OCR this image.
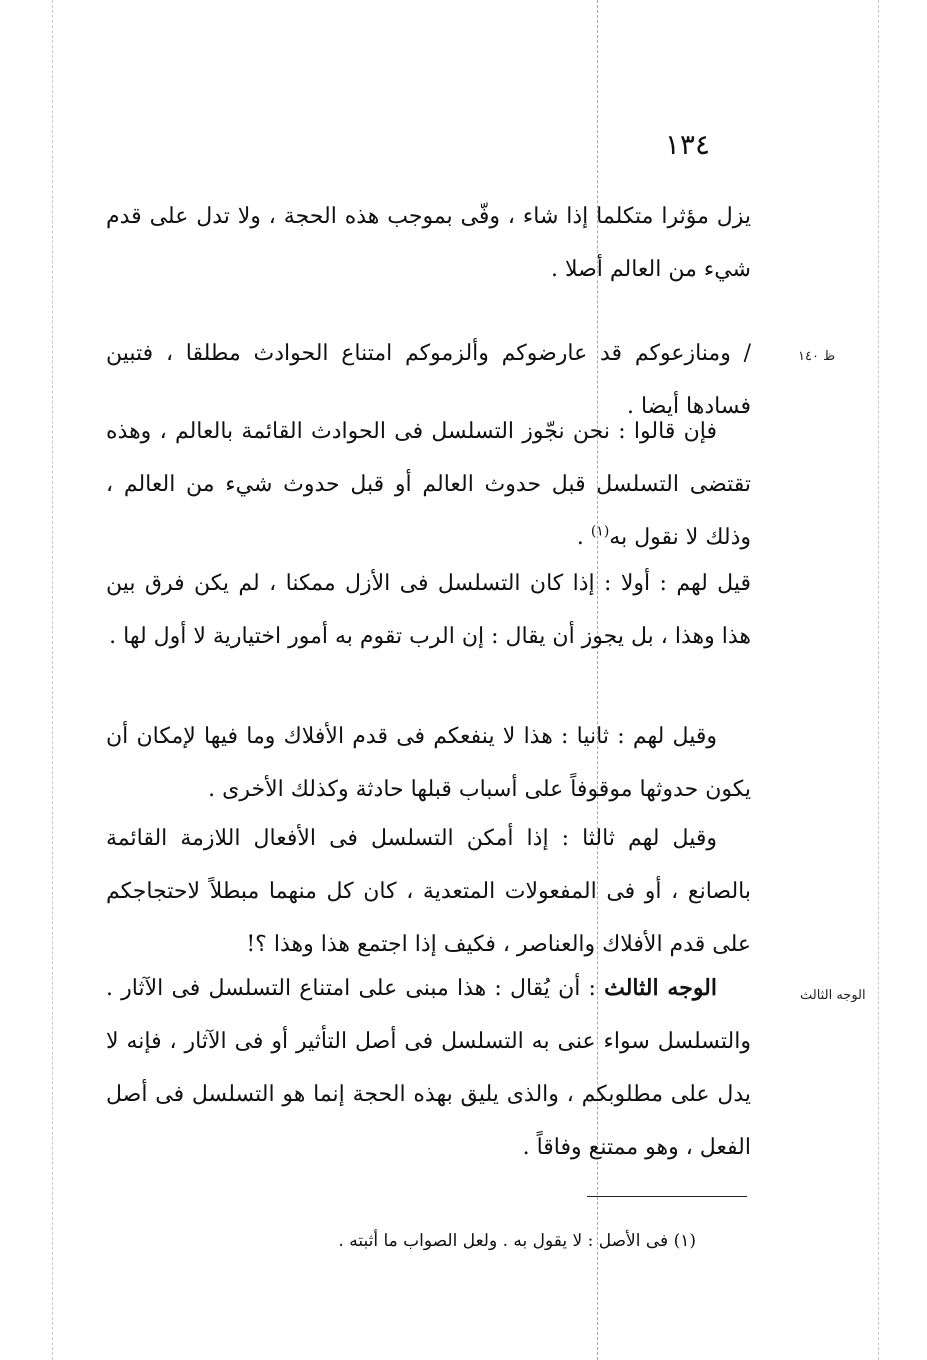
١٣٤
ظ ١٤٠
الوجه الثالث

يزل مؤثرا متكلما إذا شاء ، وفّى بموجب هذه الحجة ، ولا تدل على قدم شيء من العالم أصلا .

/ ومنازعوكم قد عارضوكم وألزموكم امتناع الحوادث مطلقا ، فتبين فسادها أيضا .

فإن قالوا : نحن نجّوز التسلسل فى الحوادث القائمة بالعالم ، وهذه تقتضى التسلسل قبل حدوث العالم أو قبل حدوث شيء من العالم ، وذلك لا نقول به$^{(١)}$ .

قيل لهم : أولا : إذا كان التسلسل فى الأزل ممكنا ، لم يكن فرق بين هذا وهذا ، بل يجوز أن يقال : إن الرب تقوم به أمور اختيارية لا أول لها .

وقيل لهم : ثانيا : هذا لا ينفعكم فى قدم الأفلاك وما فيها لإمكان أن يكون حدوثها موقوفاً على أسباب قبلها حادثة وكذلك الأخرى .

وقيل لهم ثالثا : إذا أمكن التسلسل فى الأفعال اللازمة القائمة بالصانع ، أو فى المفعولات المتعدية ، كان كل منهما مبطلاً لاحتجاجكم على قدم الأفلاك والعناصر ، فكيف إذا اجتمع هذا وهذا ؟!

الوجه الثالث : أن يُقال : هذا مبنى على امتناع التسلسل فى الآثار . والتسلسل سواء عنى به التسلسل فى أصل التأثير أو فى الآثار ، فإنه لا يدل على مطلوبكم ، والذى يليق بهذه الحجة إنما هو التسلسل فى أصل الفعل ، وهو ممتنع وفاقاً .

(١) فى الأصل : لا يقول به . ولعل الصواب ما أثبته .
